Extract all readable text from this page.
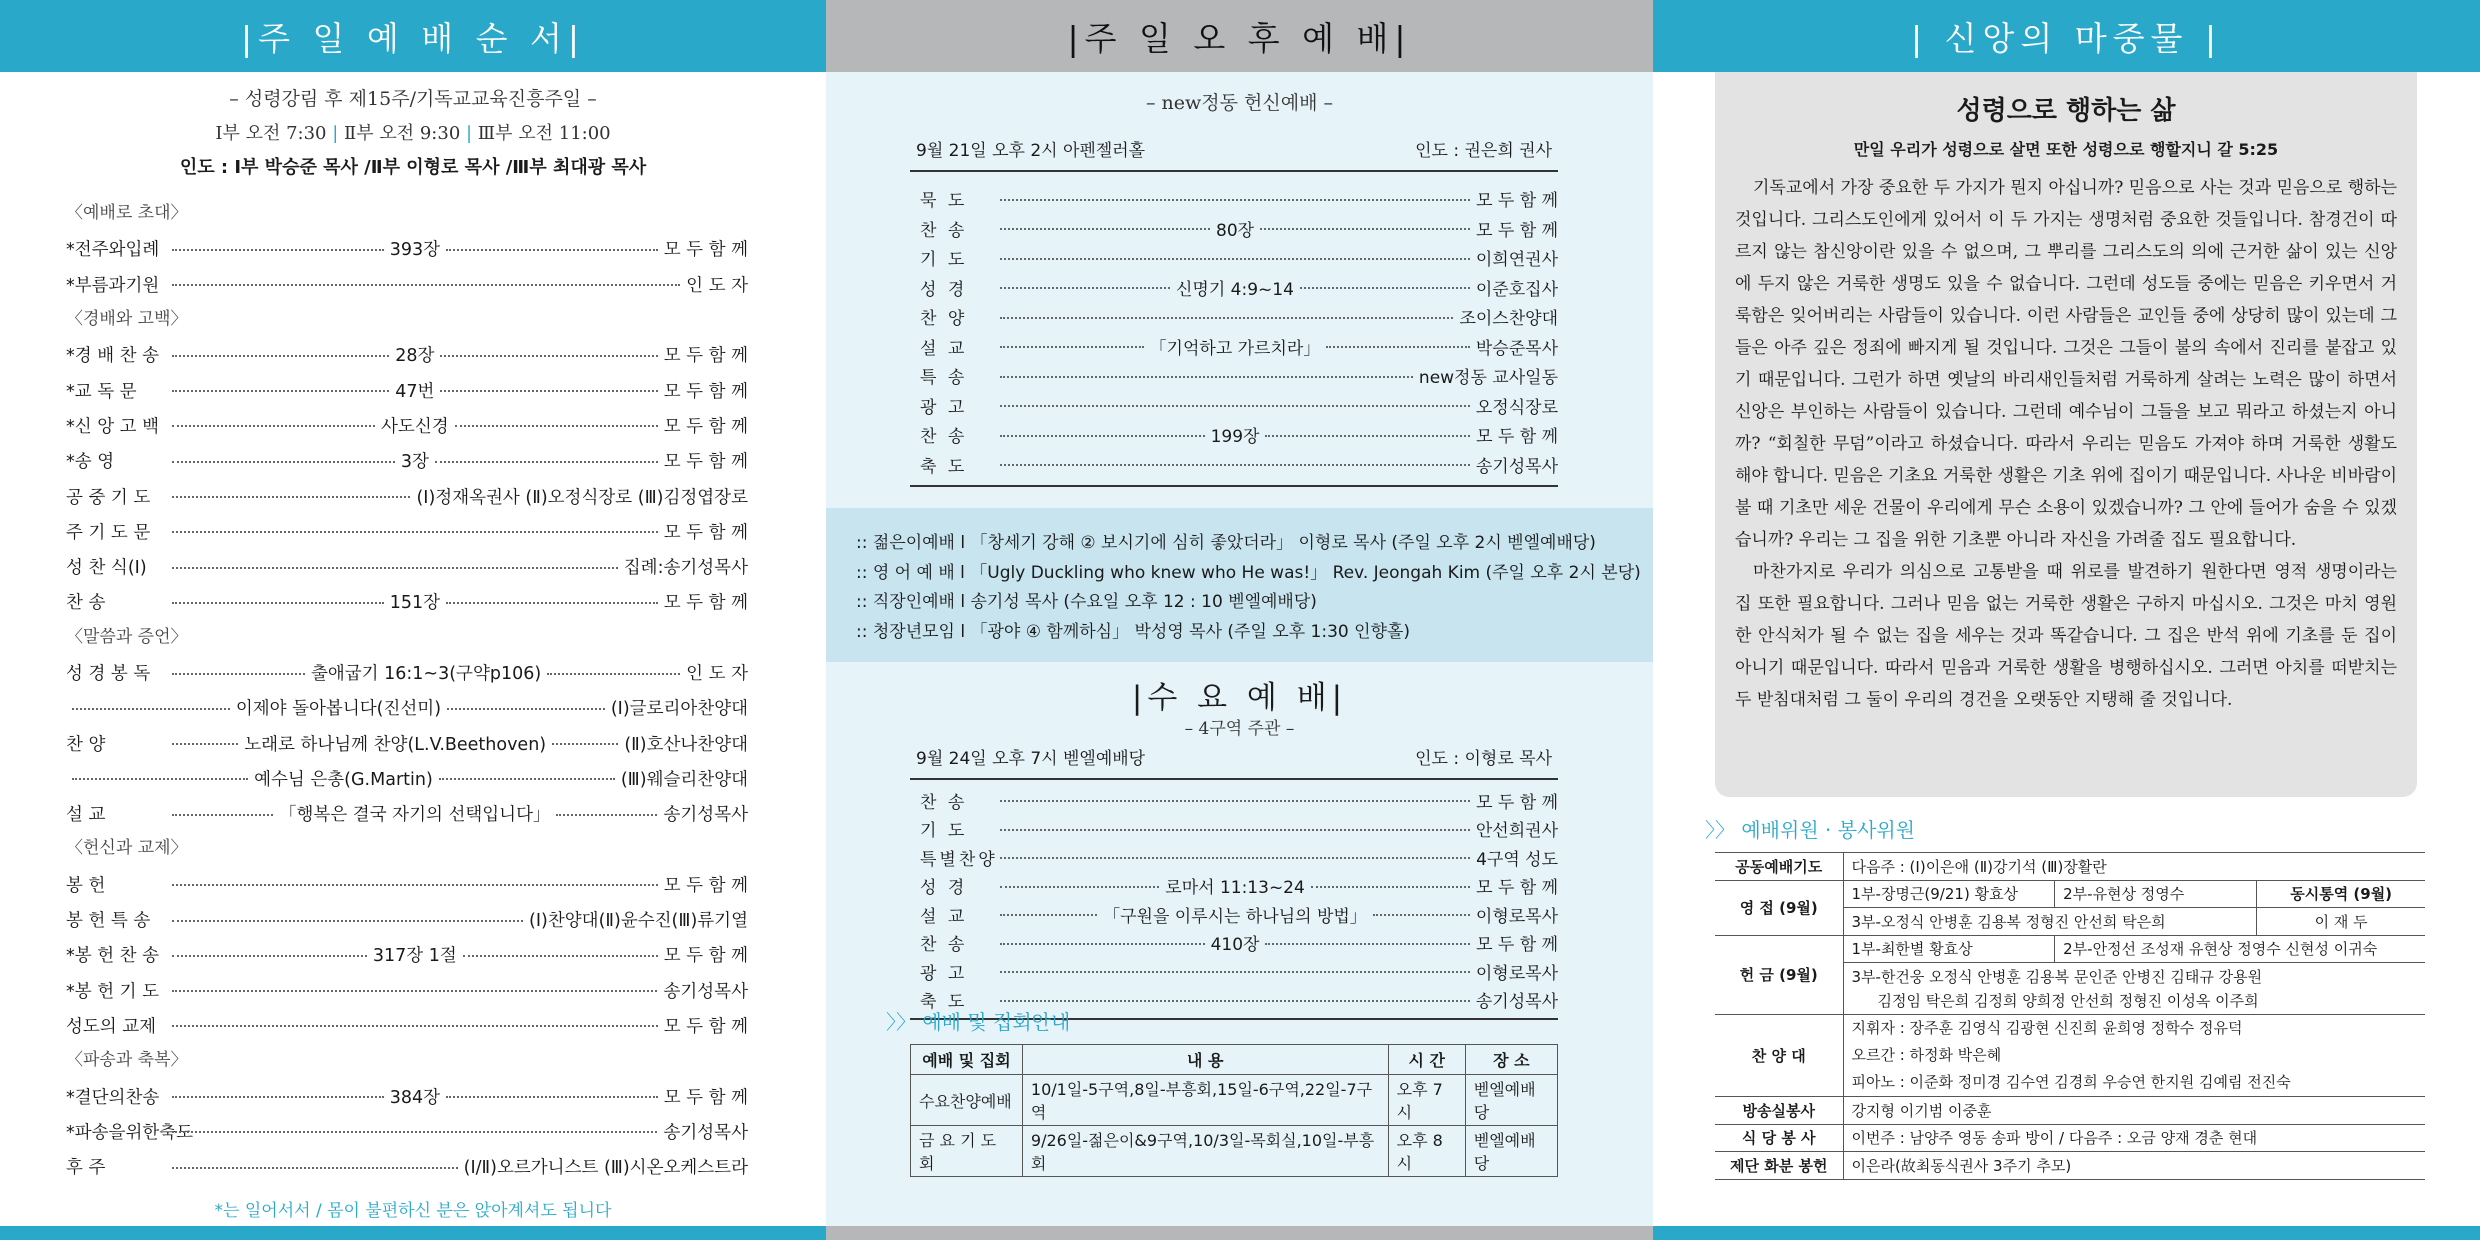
|주 일 예 배 순 서|
– 성령강림 후 제15주/기독교교육진흥주일 –
Ⅰ부 오전 7:30 | Ⅱ부 오전 9:30 | Ⅲ부 오전 11:00
인도 : Ⅰ부 박승준 목사 /Ⅱ부 이형로 목사 /Ⅲ부 최대광 목사
〈예배로 초대〉
*전주와입례	393장	모 두 함 께
*부름과기원	인 도 자
〈경배와 고백〉
*경 배 찬 송	28장	모 두 함 께
*교 독 문	47번	모 두 함 께
*신 앙 고 백	사도신경	모 두 함 께
*송 영	3장	모 두 함 께
공 중 기 도	(Ⅰ)정재옥권사 (Ⅱ)오정식장로 (Ⅲ)김정엽장로
주 기 도 문	모 두 함 께
성 찬 식(Ⅰ)	집례:송기성목사
찬 송	151장	모 두 함 께
〈말씀과 증언〉
성 경 봉 독	출애굽기 16:1~3(구약p106)	인 도 자
이제야 돌아봅니다(진선미)	(Ⅰ)글로리아찬양대
찬 양	노래로 하나님께 찬양(L.V.Beethoven)	(Ⅱ)호산나찬양대
예수님 은총(G.Martin)	(Ⅲ)웨슬리찬양대
설 교	「행복은 결국 자기의 선택입니다」	송기성목사
〈헌신과 교제〉
봉 헌	모 두 함 께
봉 헌 특 송	(Ⅰ)찬양대(Ⅱ)윤수진(Ⅲ)류기열
*봉 헌 찬 송	317장 1절	모 두 함 께
*봉 헌 기 도	송기성목사
성도의 교제	모 두 함 께
〈파송과 축복〉
*결단의찬송	384장	모 두 함 께
*파송을위한축도	송기성목사
후 주	(Ⅰ/Ⅱ)오르가니스트 (Ⅲ)시온오케스트라
*는 일어서서 / 몸이 불편하신 분은 앉아계셔도 됩니다
|주 일 오 후 예 배|
– new정동 헌신예배 –
9월 21일 오후 2시 아펜젤러홀	인도 : 권은희 권사
묵 도	모 두 함 께
찬 송	80장	모 두 함 께
기 도	이희연권사
성 경	신명기 4:9~14	이준호집사
찬 양	조이스찬양대
설 교	「기억하고 가르치라」	박승준목사
특 송	new정동 교사일동
광 고	오정식장로
찬 송	199장	모 두 함 께
축 도	송기성목사
:: 젊은이예배 l 「창세기 강해 ② 보시기에 심히 좋았더라」 이형로 목사 (주일 오후 2시 벧엘예배당)
:: 영 어 예 배 l 「Ugly Duckling who knew who He was!」 Rev. Jeongah Kim (주일 오후 2시 본당)
:: 직장인예배 l 송기성 목사 (수요일 오후 12 : 10 벧엘예배당)
:: 청장년모임 l 「광야 ④ 함께하심」 박성영 목사 (주일 오후 1:30 인향홀)
|수 요 예 배|
– 4구역 주관 –
9월 24일 오후 7시 벧엘예배당	인도 : 이형로 목사
찬 송	모 두 함 께
기 도	안선희권사
특별찬양	4구역 성도
성 경	로마서 11:13~24	모 두 함 께
설 교	「구원을 이루시는 하나님의 방법」	이형로목사
찬 송	410장	모 두 함 께
광 고	이형로목사
축 도	송기성목사
〉〉 예배 및 집회안내
예배 및 집회	내 용	시 간	장 소
수요찬양예배	10/1일-5구역,8일-부흥회,15일-6구역,22일-7구역	오후 7시	벧엘예배당
금 요 기 도 회	9/26일-젊은이&9구역,10/3일-목회실,10일-부흥회	오후 8시	벧엘예배당
| 신앙의 마중물 |
성령으로 행하는 삶
만일 우리가 성령으로 살면 또한 성령으로 행할지니 갈 5:25

기독교에서 가장 중요한 두 가지가 뭔지 아십니까? 믿음으로 사는 것과 믿음으로 행하는 것입니다. 그리스도인에게 있어서 이 두 가지는 생명처럼 중요한 것들입니다. 참경건이 따르지 않는 참신앙이란 있을 수 없으며, 그 뿌리를 그리스도의 의에 근거한 삶이 있는 신앙에 두지 않은 거룩한 생명도 있을 수 없습니다. 그런데 성도들 중에는 믿음은 키우면서 거룩함은 잊어버리는 사람들이 있습니다. 이런 사람들은 교인들 중에 상당히 많이 있는데 그들은 아주 깊은 정죄에 빠지게 될 것입니다. 그것은 그들이 불의 속에서 진리를 붙잡고 있기 때문입니다. 그런가 하면 옛날의 바리새인들처럼 거룩하게 살려는 노력은 많이 하면서 신앙은 부인하는 사람들이 있습니다. 그런데 예수님이 그들을 보고 뭐라고 하셨는지 아니까? “회칠한 무덤”이라고 하셨습니다. 따라서 우리는 믿음도 가져야 하며 거룩한 생활도 해야 합니다. 믿음은 기초요 거룩한 생활은 기초 위에 집이기 때문입니다. 사나운 비바람이 불 때 기초만 세운 건물이 우리에게 무슨 소용이 있겠습니까? 그 안에 들어가 숨을 수 있겠습니까? 우리는 그 집을 위한 기초뿐 아니라 자신을 가려줄 집도 필요합니다.

마찬가지로 우리가 의심으로 고통받을 때 위로를 발견하기 원한다면 영적 생명이라는 집 또한 필요합니다. 그러나 믿음 없는 거룩한 생활은 구하지 마십시오. 그것은 마치 영원한 안식처가 될 수 없는 집을 세우는 것과 똑같습니다. 그 집은 반석 위에 기초를 둔 집이 아니기 때문입니다. 따라서 믿음과 거룩한 생활을 병행하십시오. 그러면 아치를 떠받치는 두 받침대처럼 그 둘이 우리의 경건을 오랫동안 지탱해 줄 것입니다.

〉〉 예배위원 · 봉사위원
공동예배기도	다음주 : (Ⅰ)이은애 (Ⅱ)강기석 (Ⅲ)장활란		
영 접 (9월)	1부-장명근(9/21) 황효상	2부-유현상 정영수	동시통역 (9월)
	3부-오정식 안병훈 김용복 정형진 안선희 탁은희		이 재 두
헌 금 (9월)	1부-최한별 황효상	2부-안정선 조성재 유현상 정영수 신현성 이귀숙	

	3부-한건웅 오정식 안병훈 김용복 문인준 안병진 김태규 강용원
김정임 탁은희 김정희 양희정 안선희 정형진 이성옥 이주희		

찬 양 대	지휘자 : 장주훈 김영식 김광현 신진희 윤희영 정학수 정유덕
오르간 : 하정화 박은혜
피아노 : 이준화 정미경 김수연 김경희 우승연 한지원 김예림 전진숙		

방송실봉사	강지형 이기범 이중훈		
식 당 봉 사	이번주 : 남양주 영동 송파 방이 / 다음주 : 오금 양재 경춘 현대		
제단 화분 봉헌	이은라(故최동식권사 3주기 추모)		
